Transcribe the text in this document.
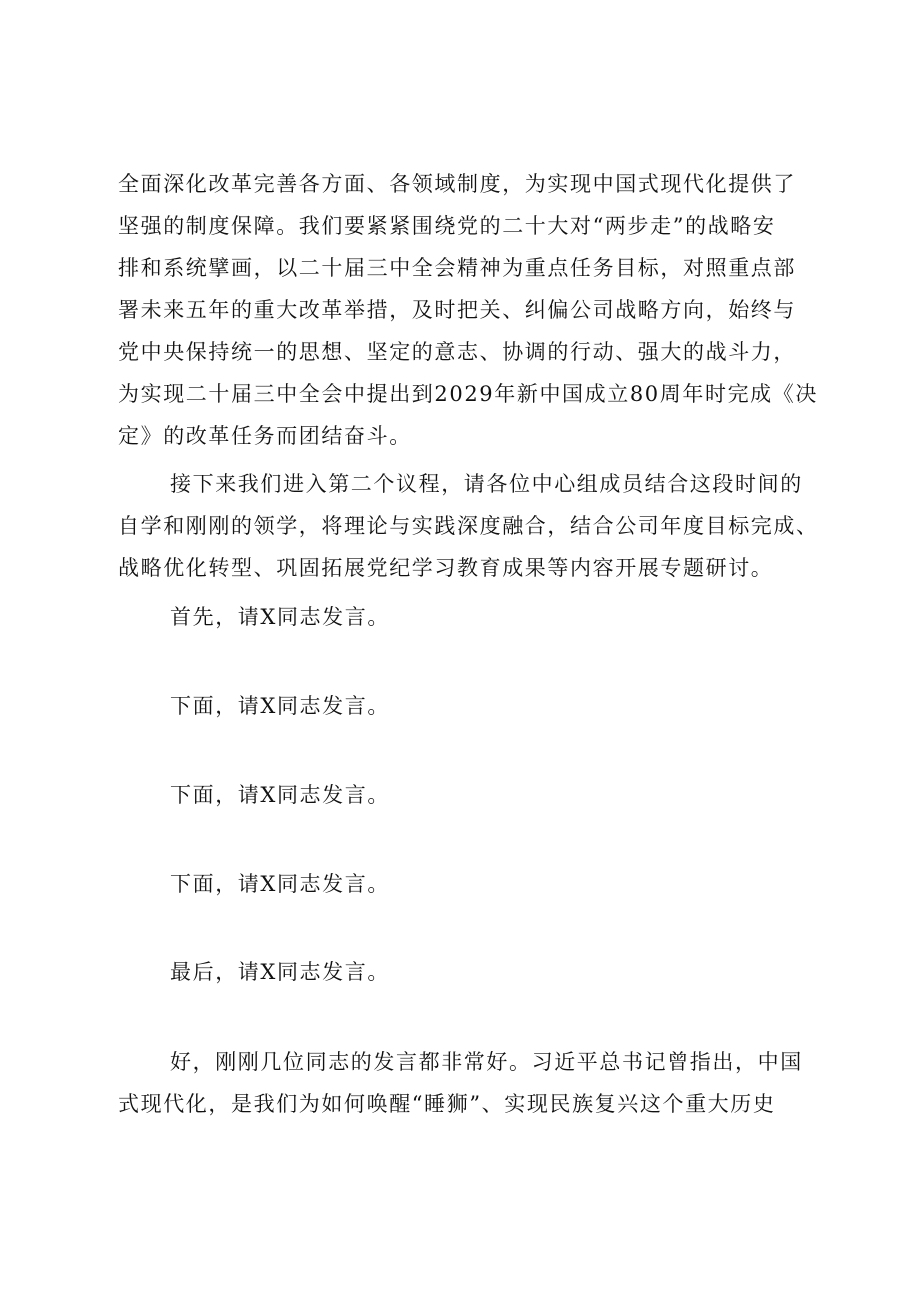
全面深化改革完善各方面、各领域制度，为实现中国式现代化提供了

坚强的制度保障。我们要紧紧围绕党的二十大对“两步走”的战略安

排和系统擘画，以二十届三中全会精神为重点任务目标，对照重点部

署未来五年的重大改革举措，及时把关、纠偏公司战略方向，始终与

党中央保持统一的思想、坚定的意志、协调的行动、强大的战斗力，

为实现二十届三中全会中提出到2029年新中国成立80周年时完成《决

定》的改革任务而团结奋斗。

接下来我们进入第二个议程，请各位中心组成员结合这段时间的

自学和刚刚的领学，将理论与实践深度融合，结合公司年度目标完成、

战略优化转型、巩固拓展党纪学习教育成果等内容开展专题研讨。

首先，请X同志发言。

下面，请X同志发言。

下面，请X同志发言。

下面，请X同志发言。

最后，请X同志发言。

好，刚刚几位同志的发言都非常好。习近平总书记曾指出，中国

式现代化，是我们为如何唤醒“睡狮”、实现民族复兴这个重大历史
